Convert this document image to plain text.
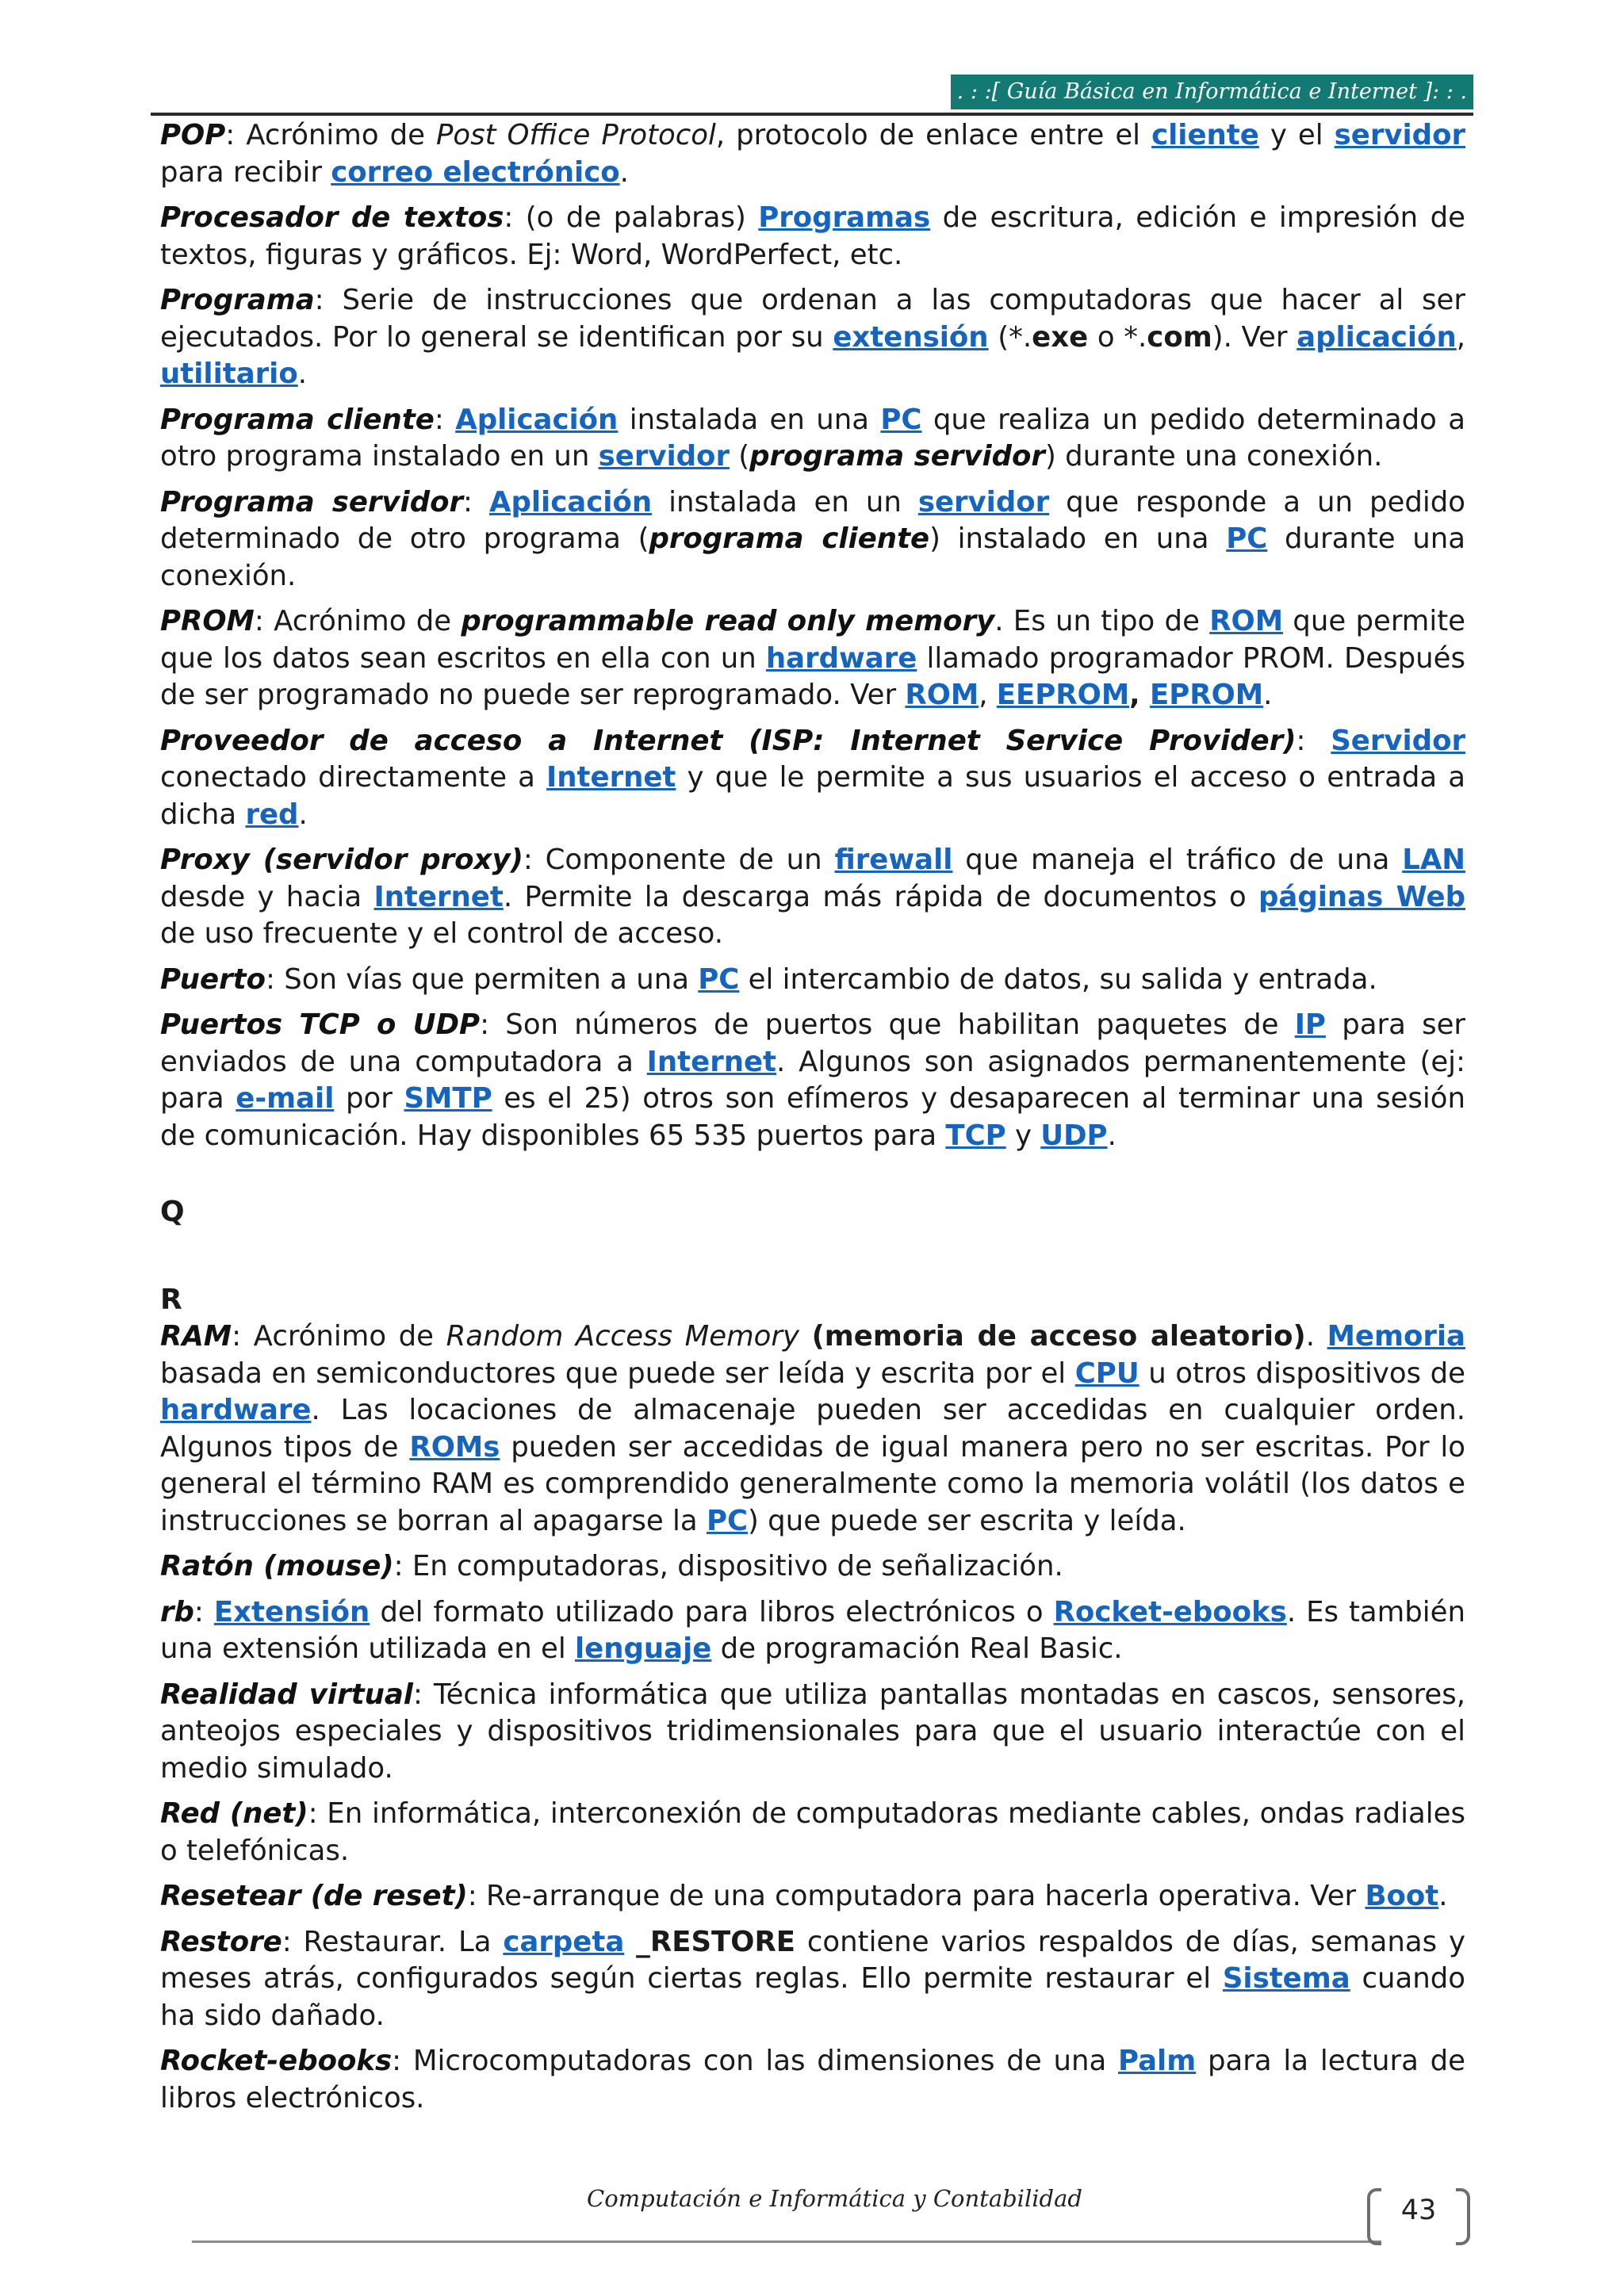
. : :[ Guía Básica en Informática e Internet ]: : .

POP: Acrónimo de Post Office Protocol, protocolo de enlace entre el cliente y el servidor para recibir correo electrónico.

Procesador de textos: (o de palabras) Programas de escritura, edición e impresión de textos, figuras y gráficos. Ej: Word, WordPerfect, etc.

Programa: Serie de instrucciones que ordenan a las computadoras que hacer al ser ejecutados. Por lo general se identifican por su extensión (*.exe o *.com). Ver aplicación, utilitario.

Programa cliente: Aplicación instalada en una PC que realiza un pedido determinado a otro programa instalado en un servidor (programa servidor) durante una conexión.

Programa servidor: Aplicación instalada en un servidor que responde a un pedido determinado de otro programa (programa cliente) instalado en una PC durante una conexión.

PROM: Acrónimo de programmable read only memory. Es un tipo de ROM que permite que los datos sean escritos en ella con un hardware llamado programador PROM. Después de ser programado no puede ser reprogramado. Ver ROM, EEPROM, EPROM.

Proveedor de acceso a Internet (ISP: Internet Service Provider): Servidor conectado directamente a Internet y que le permite a sus usuarios el acceso o entrada a dicha red.

Proxy (servidor proxy): Componente de un firewall que maneja el tráfico de una LAN desde y hacia Internet. Permite la descarga más rápida de documentos o páginas Web de uso frecuente y el control de acceso.

Puerto: Son vías que permiten a una PC el intercambio de datos, su salida y entrada.

Puertos TCP o UDP: Son números de puertos que habilitan paquetes de IP para ser enviados de una computadora a Internet. Algunos son asignados permanentemente (ej: para e-mail por SMTP es el 25) otros son efímeros y desaparecen al terminar una sesión de comunicación. Hay disponibles 65 535 puertos para TCP y UDP.

Q

R

RAM: Acrónimo de Random Access Memory (memoria de acceso aleatorio). Memoria basada en semiconductores que puede ser leída y escrita por el CPU u otros dispositivos de hardware. Las locaciones de almacenaje pueden ser accedidas en cualquier orden. Algunos tipos de ROMs pueden ser accedidas de igual manera pero no ser escritas. Por lo general el término RAM es comprendido generalmente como la memoria volátil (los datos e instrucciones se borran al apagarse la PC) que puede ser escrita y leída.

Ratón (mouse): En computadoras, dispositivo de señalización.

rb: Extensión del formato utilizado para libros electrónicos o Rocket-ebooks. Es también una extensión utilizada en el lenguaje de programación Real Basic.

Realidad virtual: Técnica informática que utiliza pantallas montadas en cascos, sensores, anteojos especiales y dispositivos tridimensionales para que el usuario interactúe con el medio simulado.

Red (net): En informática, interconexión de computadoras mediante cables, ondas radiales o telefónicas.

Resetear (de reset): Re-arranque de una computadora para hacerla operativa. Ver Boot.

Restore: Restaurar. La carpeta _RESTORE contiene varios respaldos de días, semanas y meses atrás, configurados según ciertas reglas. Ello permite restaurar el Sistema cuando ha sido dañado.

Rocket-ebooks: Microcomputadoras con las dimensiones de una Palm para la lectura de libros electrónicos.

Computación e Informática y Contabilidad	43
